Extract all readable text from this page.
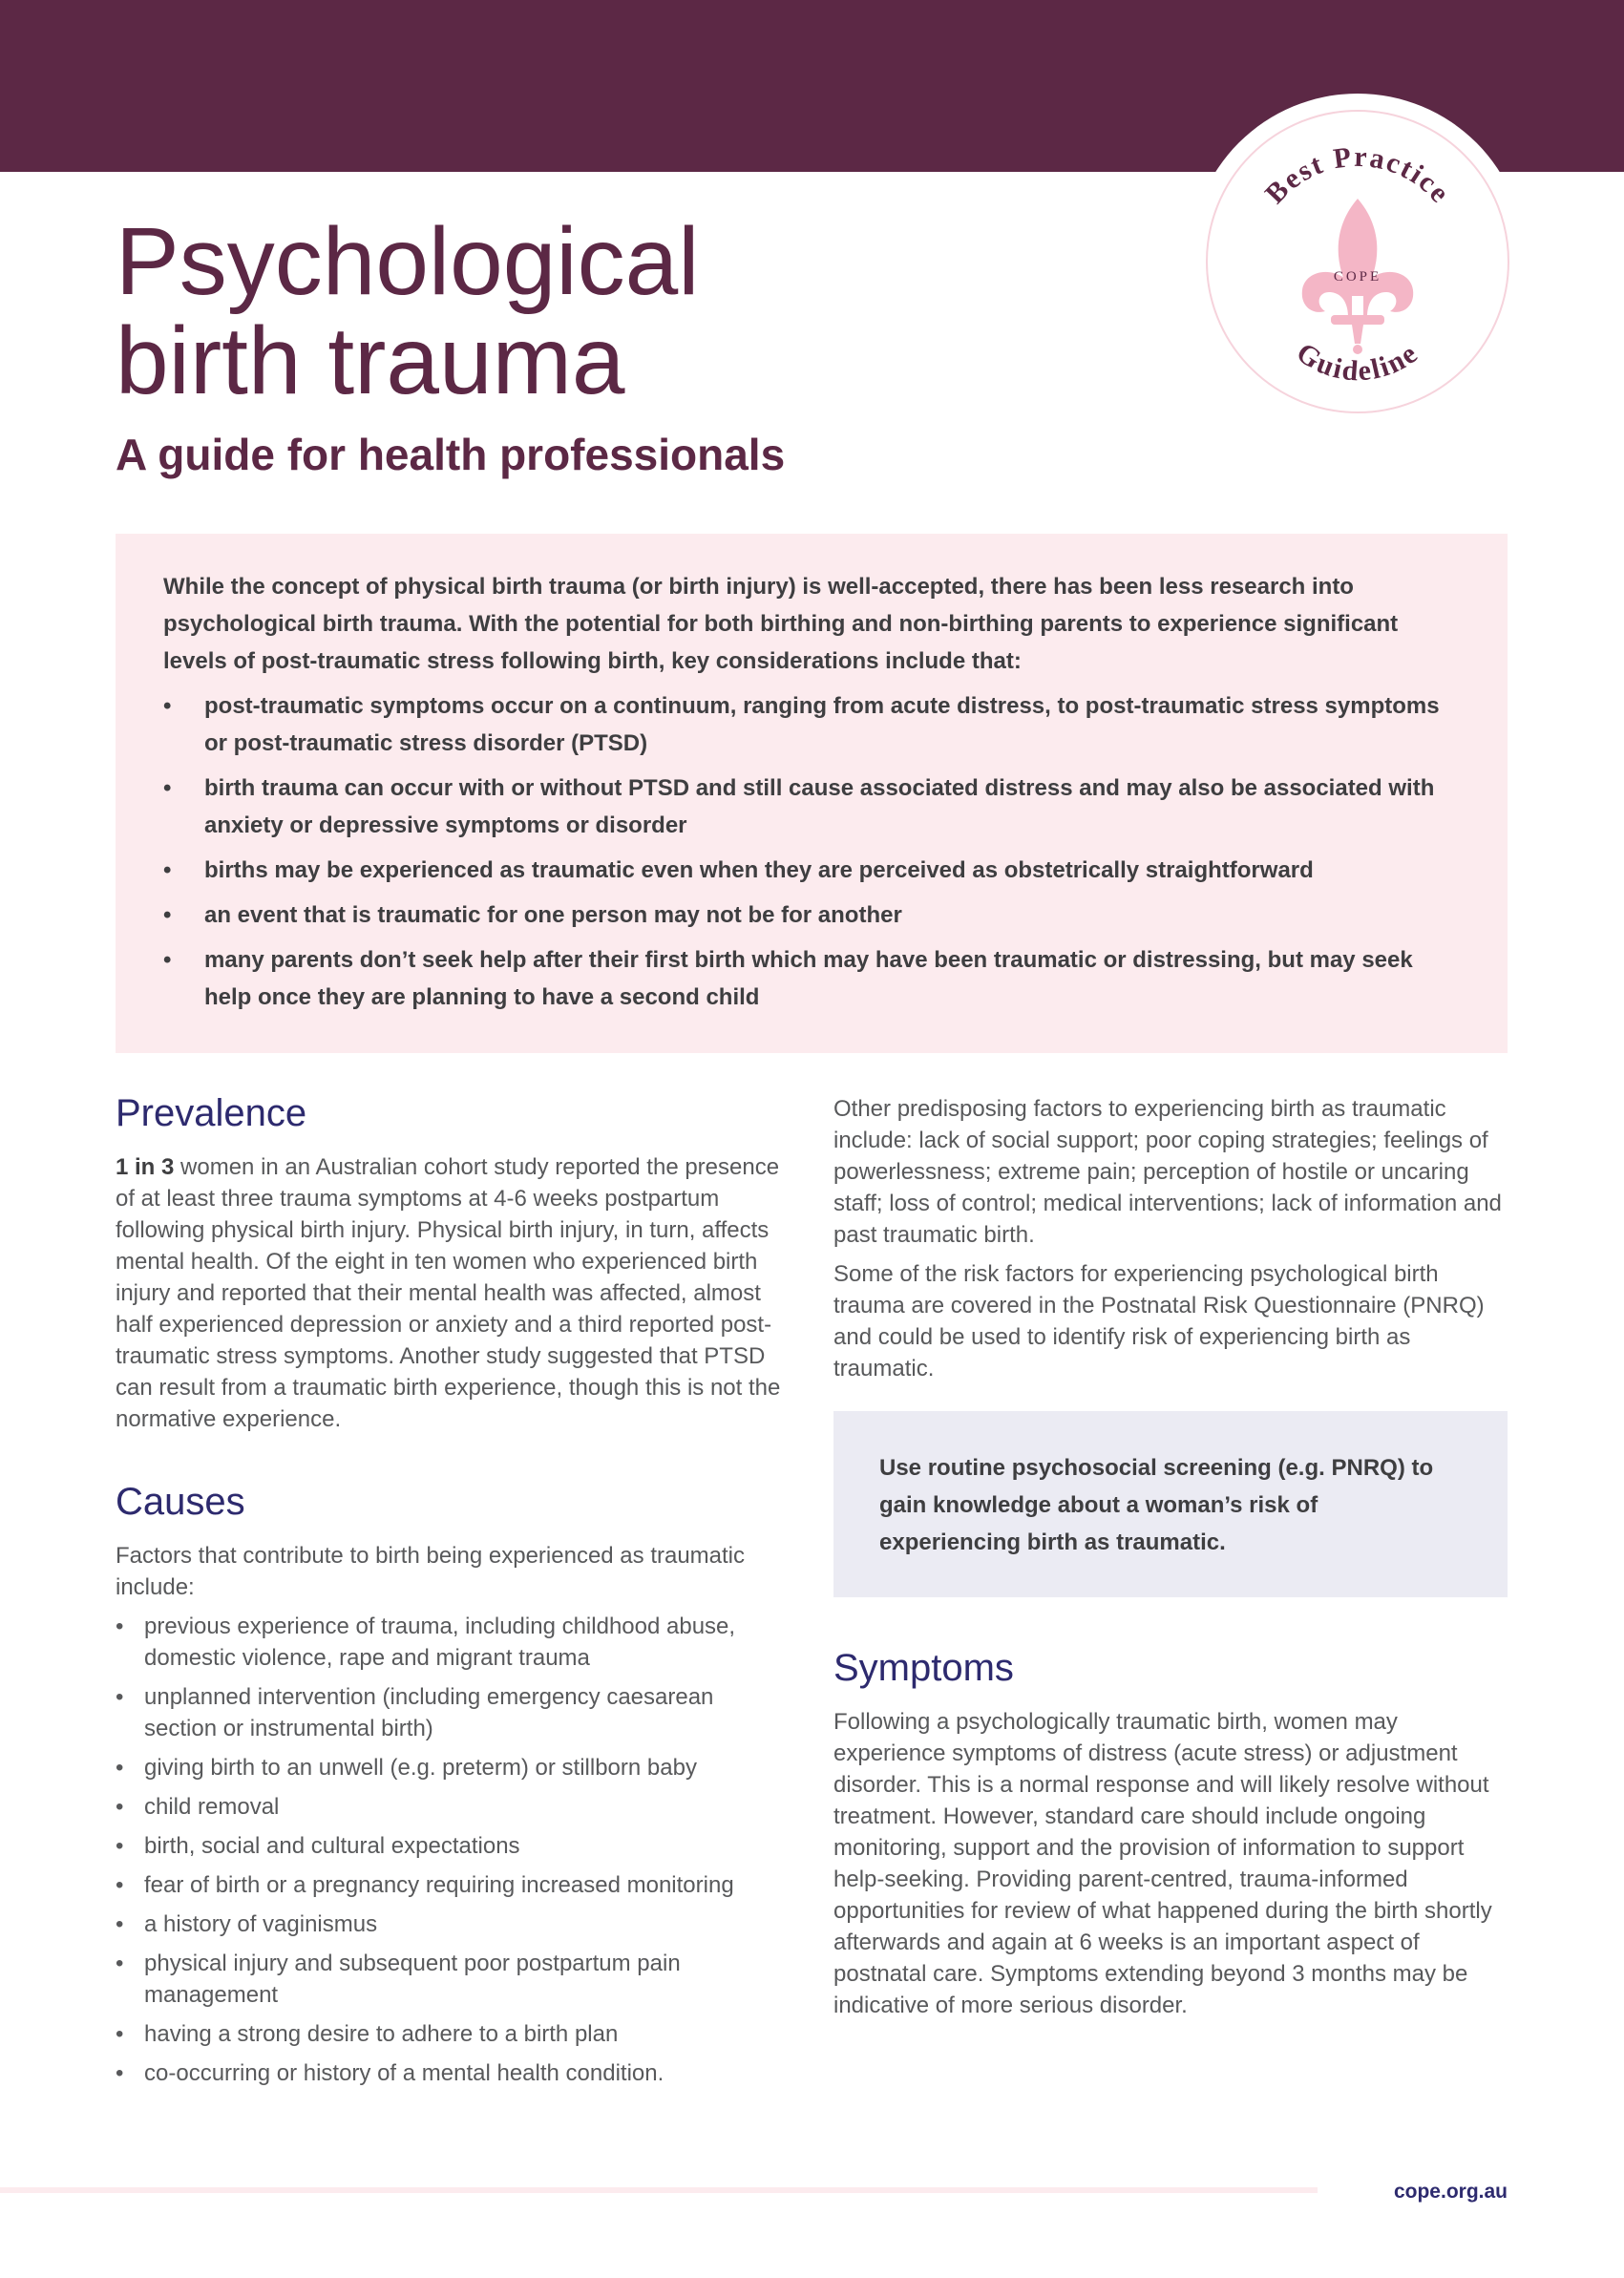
Best Practice
Guideline
COPE
Psychological
birth trauma
A guide for health professionals

While the concept of physical birth trauma (or birth injury) is well-accepted, there has been less research into psychological birth trauma. With the potential for both birthing and non-birthing parents to experience significant levels of post-traumatic stress following birth, key considerations include that:

• post-traumatic symptoms occur on a continuum, ranging from acute distress, to post-traumatic stress symptoms or post-traumatic stress disorder (PTSD)
• birth trauma can occur with or without PTSD and still cause associated distress and may also be associated with anxiety or depressive symptoms or disorder
• births may be experienced as traumatic even when they are perceived as obstetrically straightforward
• an event that is traumatic for one person may not be for another
• many parents don’t seek help after their first birth which may have been traumatic or distressing, but may seek help once they are planning to have a second child
Prevalence

1 in 3 women in an Australian cohort study reported the presence of at least three trauma symptoms at 4-6 weeks postpartum following physical birth injury. Physical birth injury, in turn, affects mental health. Of the eight in ten women who experienced birth injury and reported that their mental health was affected, almost half experienced depression or anxiety and a third reported post-traumatic stress symptoms. Another study suggested that PTSD can result from a traumatic birth experience, though this is not the normative experience.

Causes

Factors that contribute to birth being experienced as traumatic include:

• previous experience of trauma, including childhood abuse, domestic violence, rape and migrant trauma
• unplanned intervention (including emergency caesarean section or instrumental birth)
• giving birth to an unwell (e.g. preterm) or stillborn baby
• child removal
• birth, social and cultural expectations
• fear of birth or a pregnancy requiring increased monitoring
• a history of vaginismus
• physical injury and subsequent poor postpartum pain management
• having a strong desire to adhere to a birth plan
• co-occurring or history of a mental health condition.

Other predisposing factors to experiencing birth as traumatic include: lack of social support; poor coping strategies; feelings of powerlessness; extreme pain; perception of hostile or uncaring staff; loss of control; medical interventions; lack of information and past traumatic birth.

Some of the risk factors for experiencing psychological birth trauma are covered in the Postnatal Risk Questionnaire (PNRQ) and could be used to identify risk of experiencing birth as traumatic.

Use routine psychosocial screening (e.g. PNRQ) to gain knowledge about a woman’s risk of experiencing birth as traumatic.
Symptoms

Following a psychologically traumatic birth, women may experience symptoms of distress (acute stress) or adjustment disorder. This is a normal response and will likely resolve without treatment. However, standard care should include ongoing monitoring, support and the provision of information to support help-seeking. Providing parent-centred, trauma-informed opportunities for review of what happened during the birth shortly afterwards and again at 6 weeks is an important aspect of postnatal care. Symptoms extending beyond 3 months may be indicative of more serious disorder.

cope.org.au
